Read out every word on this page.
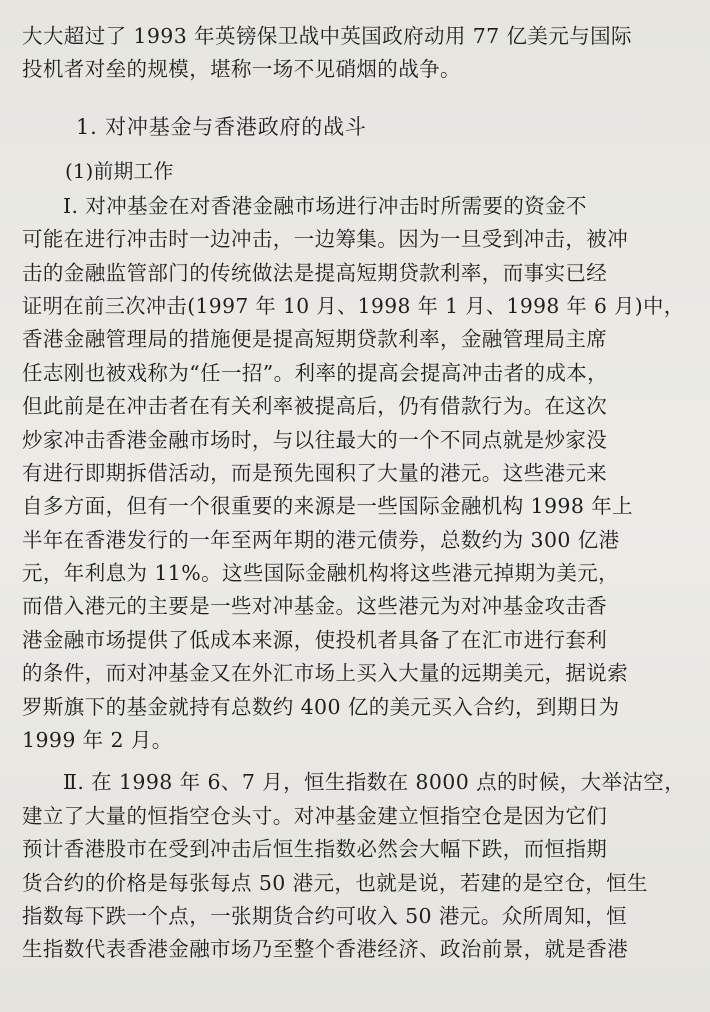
大大超过了 1993 年英镑保卫战中英国政府动用 77 亿美元与国际
投机者对垒的规模，堪称一场不见硝烟的战争。
1. 对冲基金与香港政府的战斗
(1)前期工作
Ⅰ. 对冲基金在对香港金融市场进行冲击时所需要的资金不
可能在进行冲击时一边冲击，一边筹集。因为一旦受到冲击，被冲
击的金融监管部门的传统做法是提高短期贷款利率，而事实已经
证明在前三次冲击(1997 年 10 月、1998 年 1 月、1998 年 6 月)中，
香港金融管理局的措施便是提高短期贷款利率，金融管理局主席
任志刚也被戏称为“任一招”。利率的提高会提高冲击者的成本，
但此前是在冲击者在有关利率被提高后，仍有借款行为。在这次
炒家冲击香港金融市场时，与以往最大的一个不同点就是炒家没
有进行即期拆借活动，而是预先囤积了大量的港元。这些港元来
自多方面，但有一个很重要的来源是一些国际金融机构 1998 年上
半年在香港发行的一年至两年期的港元债券，总数约为 300 亿港
元，年利息为 11%。这些国际金融机构将这些港元掉期为美元，
而借入港元的主要是一些对冲基金。这些港元为对冲基金攻击香
港金融市场提供了低成本来源，使投机者具备了在汇市进行套利
的条件，而对冲基金又在外汇市场上买入大量的远期美元，据说索
罗斯旗下的基金就持有总数约 400 亿的美元买入合约，到期日为
1999 年 2 月。
Ⅱ. 在 1998 年 6、7 月，恒生指数在 8000 点的时候，大举沽空，
建立了大量的恒指空仓头寸。对冲基金建立恒指空仓是因为它们
预计香港股市在受到冲击后恒生指数必然会大幅下跌，而恒指期
货合约的价格是每张每点 50 港元，也就是说，若建的是空仓，恒生
指数每下跌一个点，一张期货合约可收入 50 港元。众所周知，恒
生指数代表香港金融市场乃至整个香港经济、政治前景，就是香港
